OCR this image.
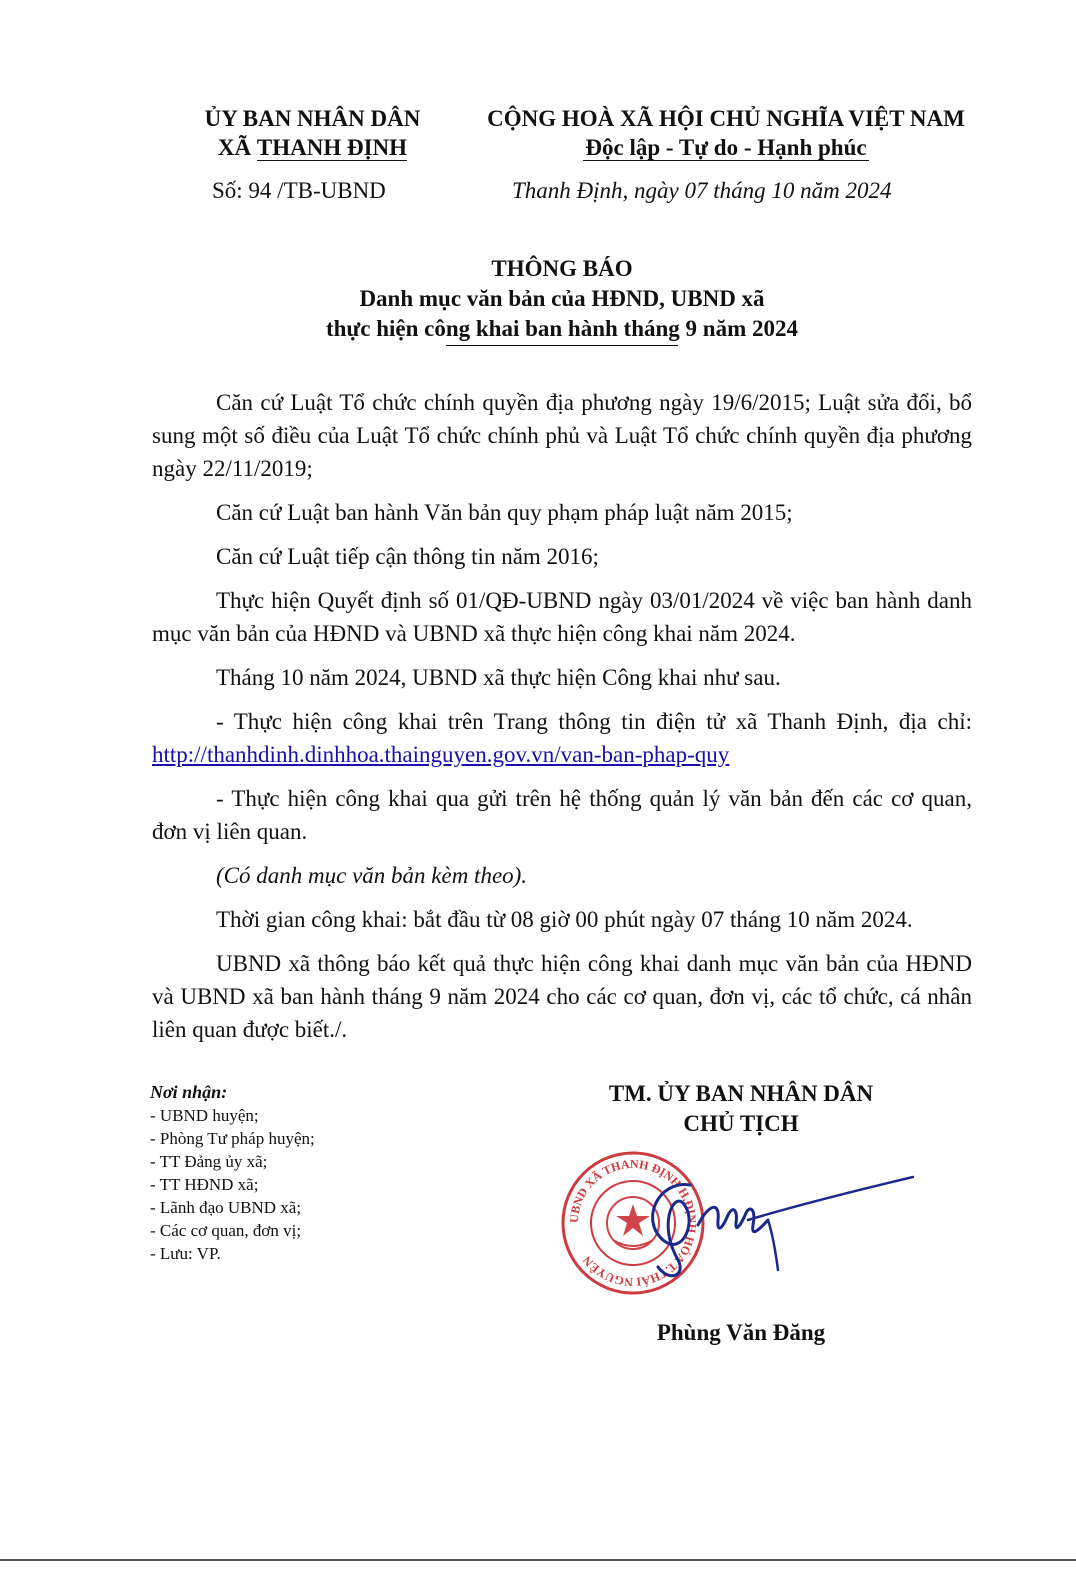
ỦY BAN NHÂN DÂN
XÃ THANH ĐỊNH
CỘNG HOÀ XÃ HỘI CHỦ NGHĨA VIỆT NAM
Độc lập - Tự do - Hạnh phúc
Số: 94 /TB-UBND	Thanh Định, ngày 07 tháng 10 năm 2024
THÔNG BÁO
Danh mục văn bản của HĐND, UBND xã
thực hiện công khai ban hành tháng 9 năm 2024

Căn cứ Luật Tổ chức chính quyền địa phương ngày 19/6/2015; Luật sửa đổi, bổ sung một số điều của Luật Tổ chức chính phủ và Luật Tổ chức chính quyền địa phương ngày 22/11/2019;

Căn cứ Luật ban hành Văn bản quy phạm pháp luật năm 2015;

Căn cứ Luật tiếp cận thông tin năm 2016;

Thực hiện Quyết định số 01/QĐ-UBND ngày 03/01/2024 về việc ban hành danh mục văn bản của HĐND và UBND xã thực hiện công khai năm 2024.

Tháng 10 năm 2024, UBND xã thực hiện Công khai như sau.

- Thực hiện công khai trên Trang thông tin điện tử xã Thanh Định, địa chỉ: http://thanhdinh.dinhhoa.thainguyen.gov.vn/van-ban-phap-quy

- Thực hiện công khai qua gửi trên hệ thống quản lý văn bản đến các cơ quan, đơn vị liên quan.

(Có danh mục văn bản kèm theo).

Thời gian công khai: bắt đầu từ 08 giờ 00 phút ngày 07 tháng 10 năm 2024.

UBND xã thông báo kết quả thực hiện công khai danh mục văn bản của HĐND và UBND xã ban hành tháng 9 năm 2024 cho các cơ quan, đơn vị, các tổ chức, cá nhân liên quan được biết./.

Nơi nhận:
- UBND huyện;
- Phòng Tư pháp huyện;
- TT Đảng ủy xã;
- TT HĐND xã;
- Lãnh đạo UBND xã;
- Các cơ quan, đơn vị;
- Lưu: VP.
TM. ỦY BAN NHÂN DÂN
CHỦ TỊCH
UBND XÃ THANH ĐỊNH H.ĐỊNH HÓA T.THÁI NGUYÊN
Phùng Văn Đăng
